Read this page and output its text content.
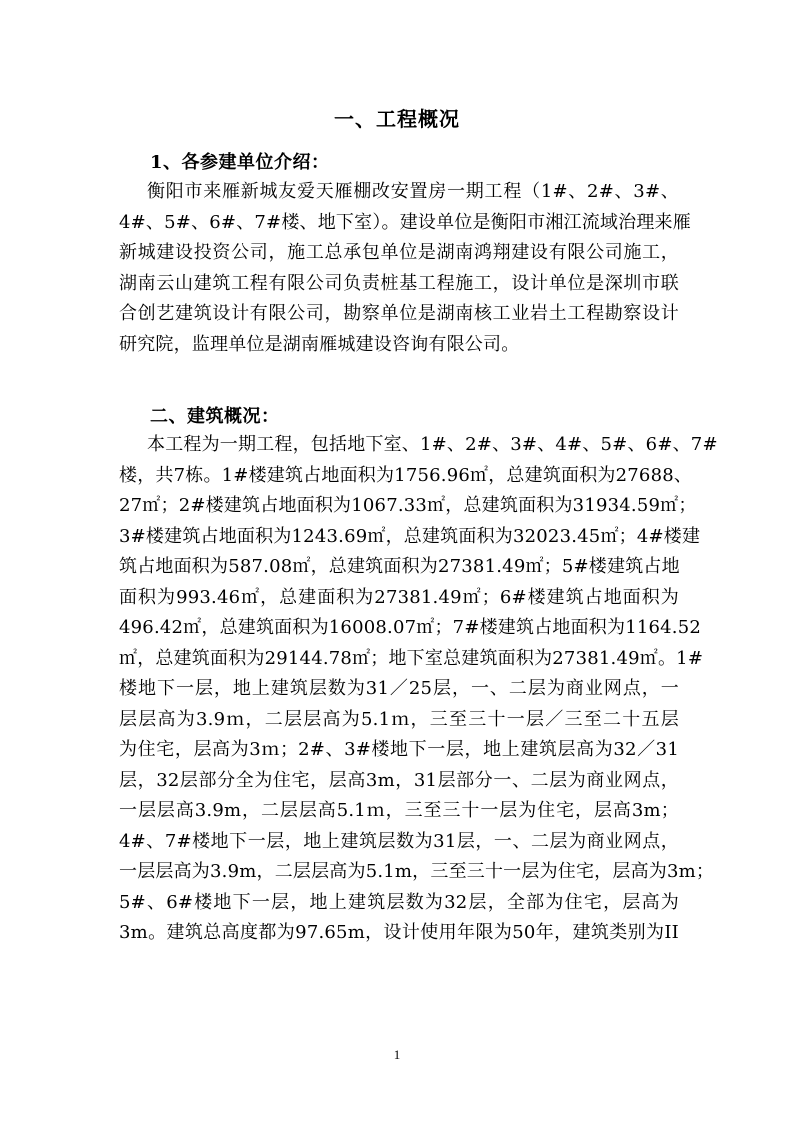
一、工程概况
1、各参建单位介绍：
衡阳市来雁新城友爱天雁棚改安置房一期工程（1#、2#、3#、
4#、5#、6#、7#楼、地下室）。建设单位是衡阳市湘江流域治理来雁
新城建设投资公司，施工总承包单位是湖南鸿翔建设有限公司施工，
湖南云山建筑工程有限公司负责桩基工程施工，设计单位是深圳市联
合创艺建筑设计有限公司，勘察单位是湖南核工业岩土工程勘察设计
研究院，监理单位是湖南雁城建设咨询有限公司。
二、建筑概况：
本工程为一期工程，包括地下室、1#、2#、3#、4#、5#、6#、7#
楼，共7栋。1#楼建筑占地面积为1756.96㎡，总建筑面积为27688、
27㎡；2#楼建筑占地面积为1067.33㎡，总建筑面积为31934.59㎡；
3#楼建筑占地面积为1243.69㎡，总建筑面积为32023.45㎡；4#楼建
筑占地面积为587.08㎡，总建筑面积为27381.49㎡；5#楼建筑占地
面积为993.46㎡，总建面积为27381.49㎡；6#楼建筑占地面积为
496.42㎡，总建筑面积为16008.07㎡；7#楼建筑占地面积为1164.52
㎡，总建筑面积为29144.78㎡；地下室总建筑面积为27381.49㎡。1#
楼地下一层，地上建筑层数为31／25层，一、二层为商业网点，一
层层高为3.9ｍ，二层层高为5.1ｍ，三至三十一层／三至二十五层
为住宅，层高为3ｍ；2#、3#楼地下一层，地上建筑层高为32／31
层，32层部分全为住宅，层高3m，31层部分一、二层为商业网点，
一层层高3.9m，二层层高5.1ｍ，三至三十一层为住宅，层高3m；
4#、7#楼地下一层，地上建筑层数为31层，一、二层为商业网点，
一层层高为3.9m，二层层高为5.1m，三至三十一层为住宅，层高为3m；
5#、6#楼地下一层，地上建筑层数为32层，全部为住宅，层高为
3m。建筑总高度都为97.65m，设计使用年限为50年，建筑类别为II
1
